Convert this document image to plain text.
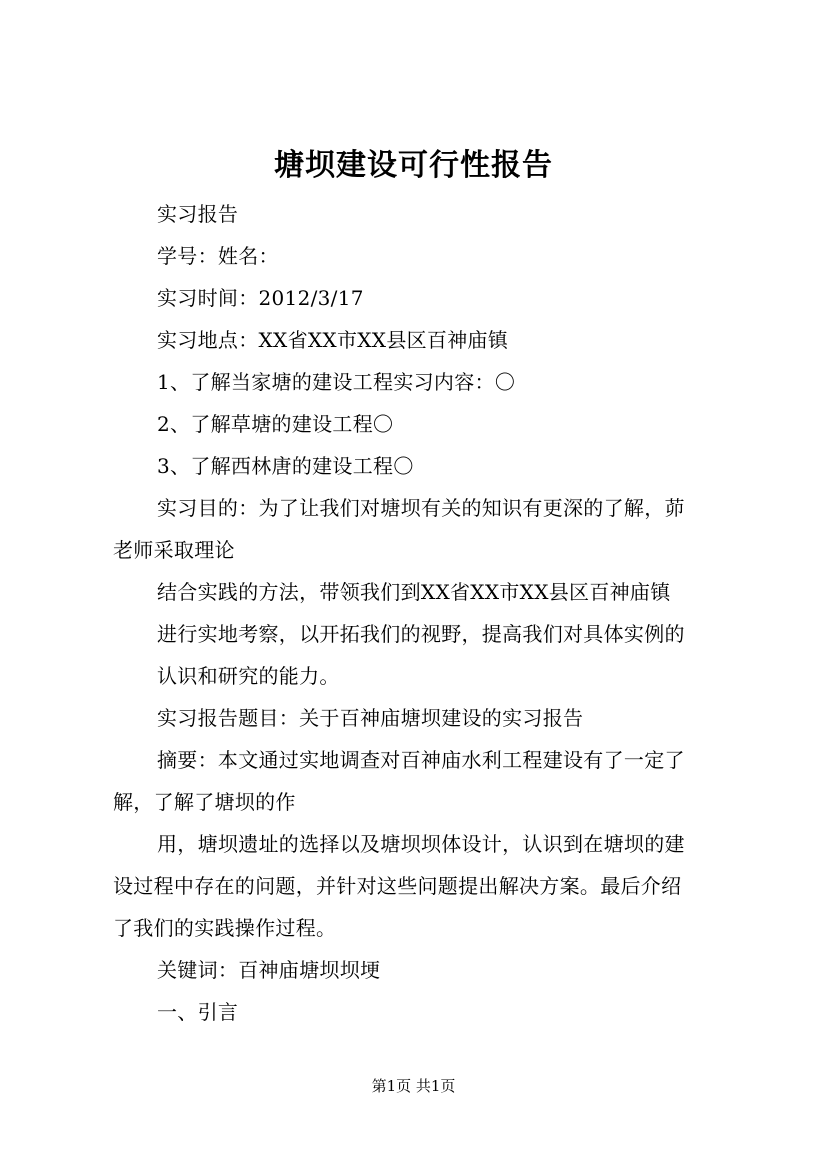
塘坝建设可行性报告

实习报告

学号：姓名：

实习时间：2012/3/17

实习地点：XX省XX市XX县区百神庙镇

1、了解当家塘的建设工程实习内容：〇

2、了解草塘的建设工程〇

3、了解西林唐的建设工程〇

实习目的：为了让我们对塘坝有关的知识有更深的了解，茆

老师采取理论

结合实践的方法，带领我们到XX省XX市XX县区百神庙镇

进行实地考察，以开拓我们的视野，提高我们对具体实例的

认识和研究的能力。

实习报告题目：关于百神庙塘坝建设的实习报告

摘要：本文通过实地调查对百神庙水利工程建设有了一定了

解，了解了塘坝的作

用，塘坝遗址的选择以及塘坝坝体设计，认识到在塘坝的建

设过程中存在的问题，并针对这些问题提出解决方案。最后介绍

了我们的实践操作过程。

关键词：百神庙塘坝坝埂

一、引言

第1页 共1页
